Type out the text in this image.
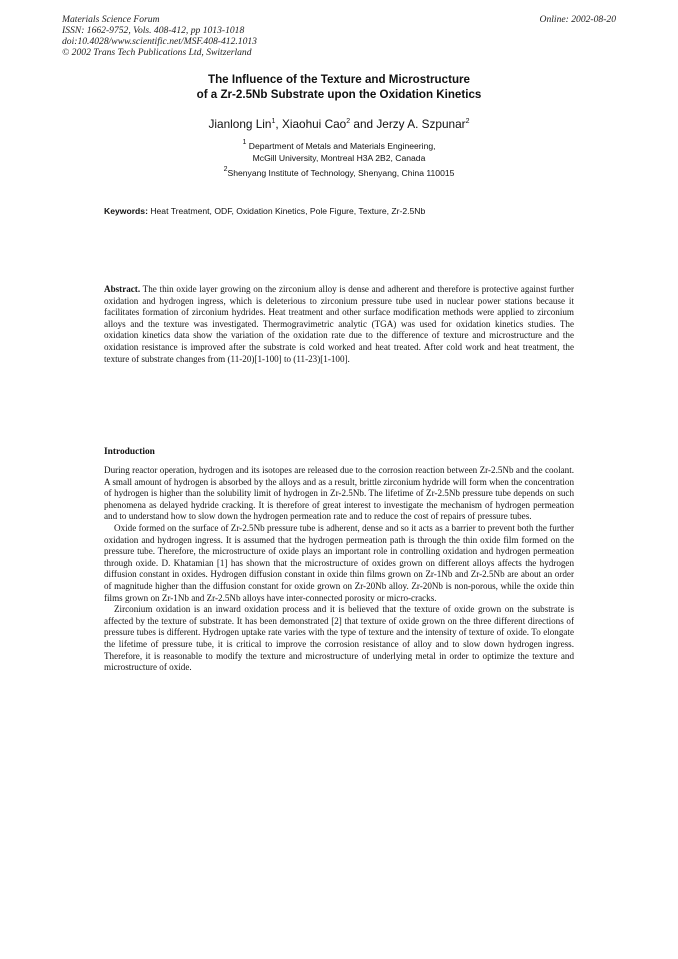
Materials Science Forum
ISSN: 1662-9752, Vols. 408-412, pp 1013-1018
doi:10.4028/www.scientific.net/MSF.408-412.1013
© 2002 Trans Tech Publications Ltd, Switzerland
Online: 2002-08-20
The Influence of the Texture and Microstructure
of a Zr-2.5Nb Substrate upon the Oxidation Kinetics
Jianlong Lin$^1$, Xiaohui Cao$^2$ and Jerzy A. Szpunar$^2$
$^1$ Department of Metals and Materials Engineering,
McGill University, Montreal H3A 2B2, Canada
$^2$Shenyang Institute of Technology, Shenyang, China 110015
Keywords: Heat Treatment, ODF, Oxidation Kinetics, Pole Figure, Texture, Zr-2.5Nb
Abstract. The thin oxide layer growing on the zirconium alloy is dense and adherent and therefore is protective against further oxidation and hydrogen ingress, which is deleterious to zirconium pressure tube used in nuclear power stations because it facilitates formation of zirconium hydrides. Heat treatment and other surface modification methods were applied to zirconium alloys and the texture was investigated. Thermogravimetric analytic (TGA) was used for oxidation kinetics studies. The oxidation kinetics data show the variation of the oxidation rate due to the difference of texture and microstructure and the oxidation resistance is improved after the substrate is cold worked and heat treated. After cold work and heat treatment, the texture of substrate changes from (11-20)[1-100] to (11-23)[1-100].
Introduction

During reactor operation, hydrogen and its isotopes are released due to the corrosion reaction between Zr-2.5Nb and the coolant. A small amount of hydrogen is absorbed by the alloys and as a result, brittle zirconium hydride will form when the concentration of hydrogen is higher than the solubility limit of hydrogen in Zr-2.5Nb. The lifetime of Zr-2.5Nb pressure tube depends on such phenomena as delayed hydride cracking. It is therefore of great interest to investigate the mechanism of hydrogen permeation and to understand how to slow down the hydrogen permeation rate and to reduce the cost of repairs of pressure tubes.

Oxide formed on the surface of Zr-2.5Nb pressure tube is adherent, dense and so it acts as a barrier to prevent both the further oxidation and hydrogen ingress. It is assumed that the hydrogen permeation path is through the thin oxide film formed on the pressure tube. Therefore, the microstructure of oxide plays an important role in controlling oxidation and hydrogen permeation through oxide. D. Khatamian [1] has shown that the microstructure of oxides grown on different alloys affects the hydrogen diffusion constant in oxides. Hydrogen diffusion constant in oxide thin films grown on Zr-1Nb and Zr-2.5Nb are about an order of magnitude higher than the diffusion constant for oxide grown on Zr-20Nb alloy. Zr-20Nb is non-porous, while the oxide thin films grown on Zr-1Nb and Zr-2.5Nb alloys have inter-connected porosity or micro-cracks.

Zirconium oxidation is an inward oxidation process and it is believed that the texture of oxide grown on the substrate is affected by the texture of substrate. It has been demonstrated [2] that texture of oxide grown on the three different directions of pressure tubes is different. Hydrogen uptake rate varies with the type of texture and the intensity of texture of oxide. To elongate the lifetime of pressure tube, it is critical to improve the corrosion resistance of alloy and to slow down hydrogen ingress. Therefore, it is reasonable to modify the texture and microstructure of underlying metal in order to optimize the texture and microstructure of oxide.
